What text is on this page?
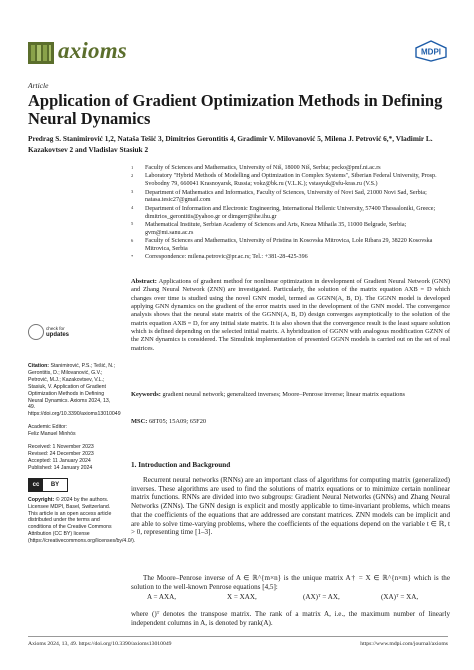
axioms	MDPI
Article
Application of Gradient Optimization Methods in Defining Neural Dynamics
Predrag S. Stanimirović 1,2, Nataša Tešić 3, Dimitrios Gerontitis 4, Gradimir V. Milovanović 5, Milena J. Petrović 6,*, Vladimir L. Kazakovtsev 2 and Vladislav Stasiuk 2
1 Faculty of Sciences and Mathematics, University of Niš, 18000 Niš, Serbia; pecko@pmf.ni.ac.rs
2 Laboratory "Hybrid Methods of Modelling and Optimization in Complex Systems", Siberian Federal University, Prosp. Svobodny 79, 660041 Krasnoyarsk, Russia; vokz@bk.ru (V.L.K.); vstasyuk@sfu-kras.ru (V.S.)
3 Department of Mathematics and Informatics, Faculty of Sciences, University of Novi Sad, 21000 Novi Sad, Serbia; natasa.tesic27@gmail.com
4 Department of Information and Electronic Engineering, International Hellenic University, 57400 Thessaloniki, Greece; dimitrios_gerontitis@yahoo.gr or dimgerr@ihe.ihu.gr
5 Mathematical Institute, Serbian Academy of Sciences and Arts, Kneza Mihaila 35, 11000 Belgrade, Serbia; gvm@mi.sanu.ac.rs
6 Faculty of Sciences and Mathematics, University of Pristina in Kosovska Mitrovica, Lole Ribara 29, 38220 Kosovska Mitrovica, Serbia
* Correspondence: milena.petrovic@pr.ac.rs; Tel.: +381-28-425-396
Abstract: Applications of gradient method for nonlinear optimization in development of Gradient Neural Network (GNN) and Zhang Neural Network (ZNN) are investigated. Particularly, the solution of the matrix equation AXB = D which changes over time is studied using the novel GNN model, termed as GGNN(A, B, D). The GGNN model is developed applying GNN dynamics on the gradient of the error matrix used in the development of the GNN model. The convergence analysis shows that the neural state matrix of the GGNN(A, B, D) design converges asymptotically to the solution of the matrix equation AXB = D, for any initial state matrix. It is also shown that the convergence result is the least square solution which is defined depending on the selected initial matrix. A hybridization of GGNN with analogous modification GZNN of the ZNN dynamics is considered. The Simulink implementation of presented GGNN models is carried out on the set of real matrices.
Keywords: gradient neural network; generalized inverses; Moore–Penrose inverse; linear matrix equations
MSC: 68T05; 15A09; 65F20
check for
updates
Citation: Stanimirović, P.S.; Tešić, N.; Gerontitis, D.; Milovanović, G.V.; Petrović, M.J.; Kazakovtsev, V.L.; Stasiuk, V. Application of Gradient Optimization Methods in Defining Neural Dynamics. Axioms 2024, 13, 49. https://doi.org/10.3390/axioms13010049
Academic Editor:
Feliz Manuel Minhós
Received: 1 November 2023
Revised: 24 December 2023
Accepted: 11 January 2024
Published: 14 January 2024
cc	BY
Copyright: © 2024 by the authors. Licensee MDPI, Basel, Switzerland. This article is an open access article distributed under the terms and conditions of the Creative Commons Attribution (CC BY) license (https://creativecommons.org/licenses/by/4.0/).
1. Introduction and Background
Recurrent neural networks (RNNs) are an important class of algorithms for computing matrix (generalized) inverses. These algorithms are used to find the solutions of matrix equations or to minimize certain nonlinear matrix functions. RNNs are divided into two subgroups: Gradient Neural Networks (GNNs) and Zhang Neural Networks (ZNNs). The GNN design is explicit and mostly applicable to time-invariant problems, which means that the coefficients of the equations that are addressed are constant matrices. ZNN models can be implicit and are able to solve time-varying problems, where the coefficients of the equations depend on the variable t ∈ ℝ, t > 0, representing time [1–3].
The Moore–Penrose inverse of A ∈ ℝ^{m×n} is the unique matrix A† = X ∈ ℝ^{n×m} which is the solution to the well-known Penrose equations [4,5]:
A = AXA,	X = XAX,	(AX)ᵀ = AX,	(XA)ᵀ = XA,
where ()ᵀ denotes the transpose matrix. The rank of a matrix A, i.e., the maximum number of linearly independent columns in A, is denoted by rank(A).
Axioms 2024, 13, 49. https://doi.org/10.3390/axioms13010049	https://www.mdpi.com/journal/axioms
